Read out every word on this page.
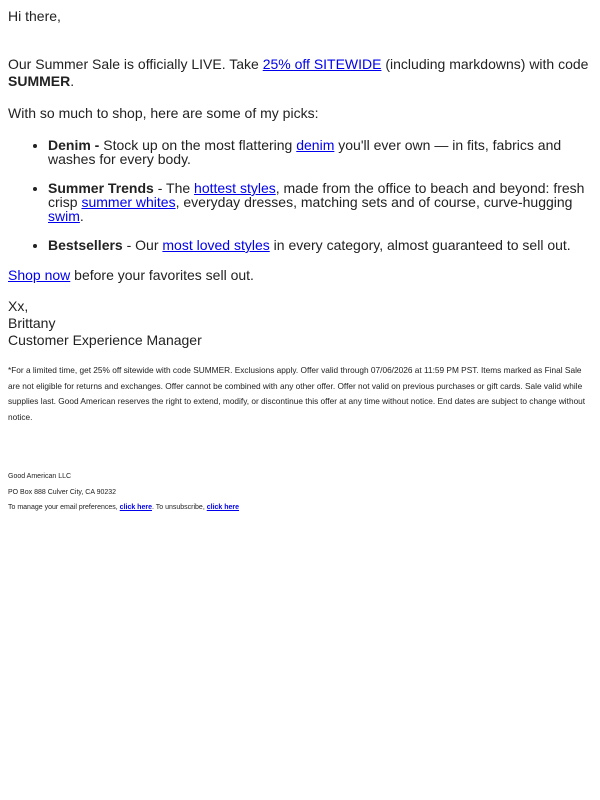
Hi there,

Our Summer Sale is officially LIVE. Take 25% off SITEWIDE (including markdowns) with code
SUMMER.

With so much to shop, here are some of my picks:

• Denim - Stock up on the most flattering denim you'll ever own — in fits, fabrics and washes for every body.
• Summer Trends - The hottest styles, made from the office to beach and beyond: fresh crisp summer whites, everyday dresses, matching sets and of course, curve-hugging swim.
• Bestsellers - Our most loved styles in every category, almost guaranteed to sell out.

Shop now before your favorites sell out.

Xx,

Brittany

Customer Experience Manager

*For a limited time, get 25% off sitewide with code SUMMER. Exclusions apply. Offer valid through 07/06/2026 at 11:59 PM PST. Items marked as Final Sale are not eligible for returns and exchanges. Offer cannot be combined with any other offer. Offer not valid on previous purchases or gift cards. Sale valid while supplies last. Good American reserves the right to extend, modify, or discontinue this offer at any time without notice. End dates are subject to change without notice.
Good American LLC
PO Box 888 Culver City, CA 90232
To manage your email preferences, click here. To unsubscribe, click here
